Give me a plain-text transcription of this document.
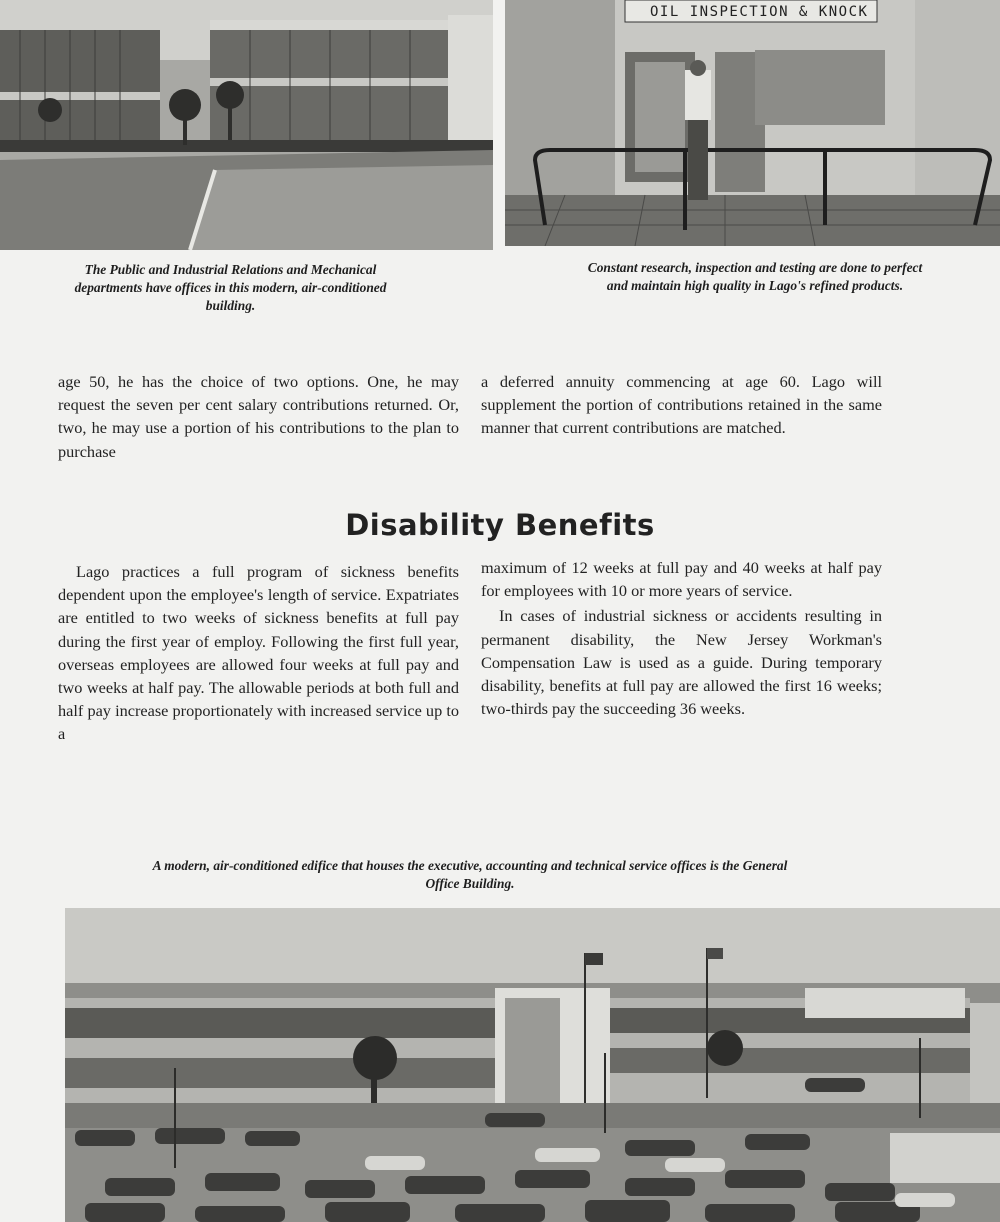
OIL INSPECTION & KNOCK
The Public and Industrial Relations and Mechanical departments have offices in this modern, air-conditioned building.
Constant research, inspection and testing are done to perfect and maintain high quality in Lago's refined products.
age 50, he has the choice of two options. One, he may request the seven per cent salary contributions returned. Or, two, he may use a portion of his contributions to the plan to purchase
a deferred annuity commencing at age 60. Lago will supplement the portion of contributions retained in the same manner that current contributions are matched.
Disability Benefits

Lago practices a full program of sickness benefits dependent upon the employee's length of service. Expatriates are entitled to two weeks of sickness benefits at full pay during the first year of employ. Following the first full year, overseas employees are allowed four weeks at full pay and two weeks at half pay. The allowable periods at both full and half pay increase proportionately with increased service up to a

maximum of 12 weeks at full pay and 40 weeks at half pay for employees with 10 or more years of service.

In cases of industrial sickness or accidents resulting in permanent disability, the New Jersey Workman's Compensation Law is used as a guide. During temporary disability, benefits at full pay are allowed the first 16 weeks; two-thirds pay the succeeding 36 weeks.

A modern, air-conditioned edifice that houses the executive, accounting and technical service offices is the General Office Building.
